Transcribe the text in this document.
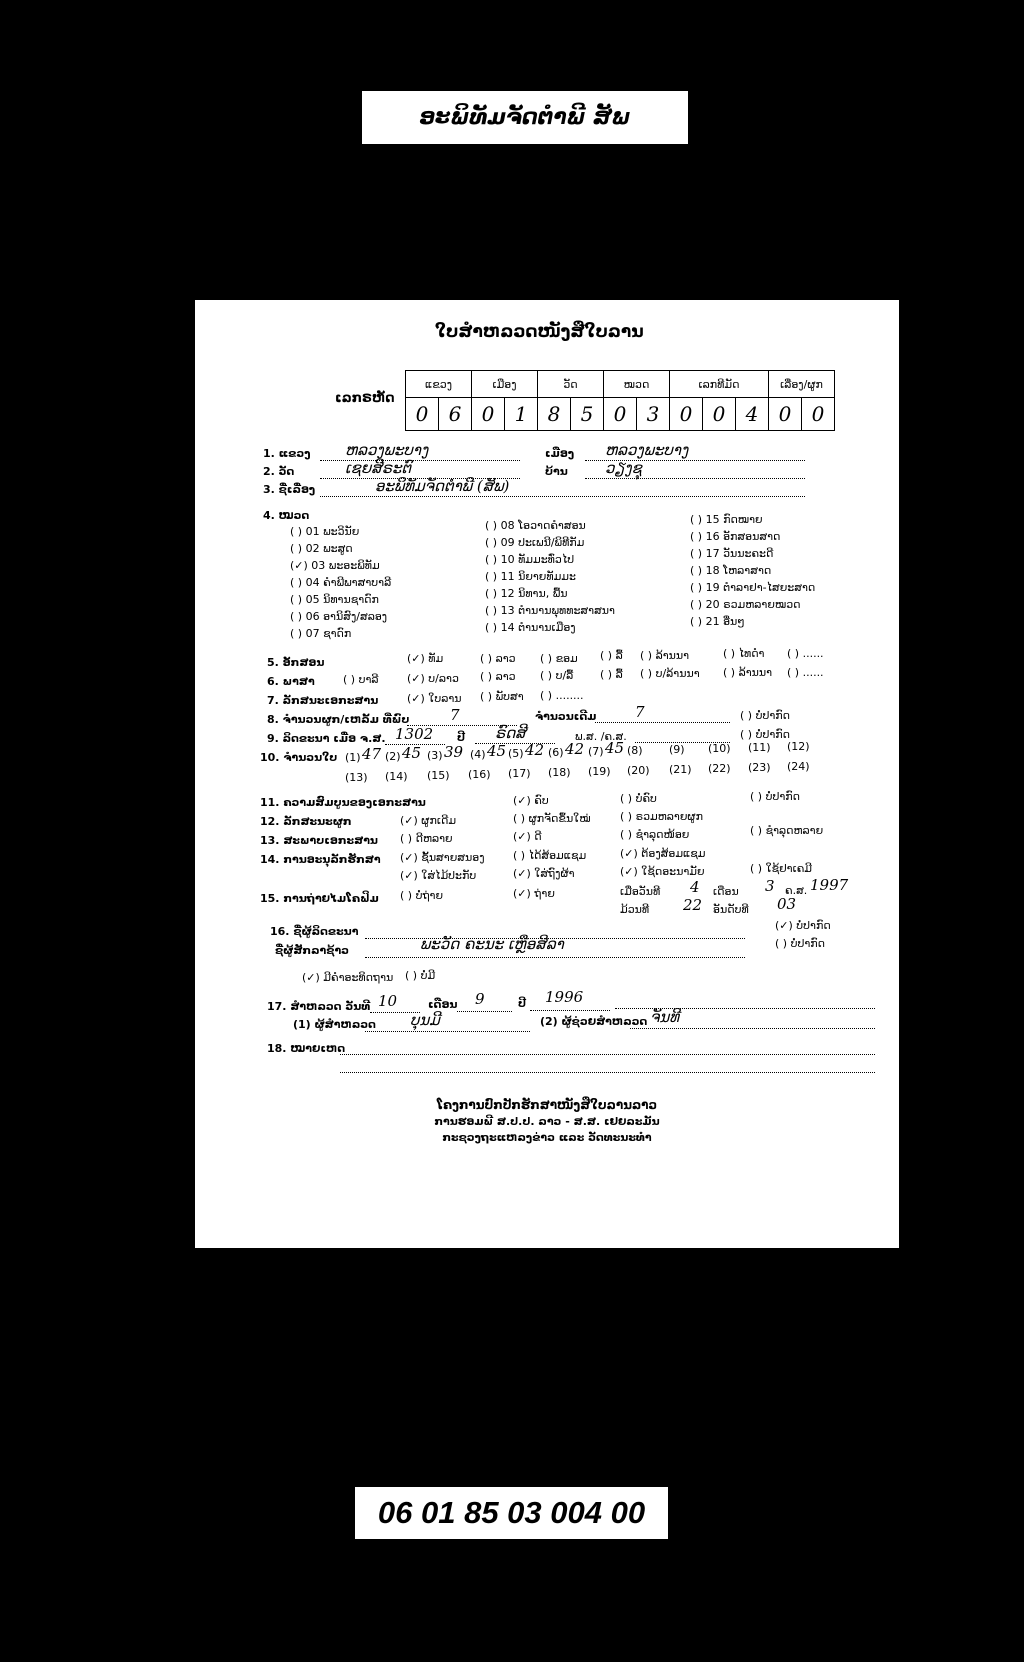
ອະພິທັມຈັດຕໍາພີ ສັພ
ໃບສໍາຫລວດໜັງສືໃບລານ
ເລກຣຫັດ
ແຂວງ		ເມືອງ		ວັດ		ໝວດ		ເລກທີມັດ			ເລື່ອງ/ຜູກ	
0	6	0	1	8	5	0	3	0	0	4	0	0
1. ແຂວງ ຫລວງພະບາງ	ເມືອງ ຫລວງພະບາງ
2. ວັດ	ເຊຍສີຣະຕົ	ບ້ານ ວຽງຊຸ
3. ຊື່ເລື່ອງ	ອະພິທັມຈັດຕໍາພີ (ສັພ)
4. ໝວດ
( ) 01 ພະວິນັຍ
( ) 02 ພະສູດ
(✓) 03 ພະອະພິທັມ
( ) 04 ຄໍາພີພາສາບາລີ
( ) 05 ນິທານຊາດົກ
( ) 06 ອານິສົງ/ສລອງ
( ) 07 ຊາດົກ
( ) 08 ໂອວາດຄໍາສອນ
( ) 09 ປະເພນີ/ພິທີກັມ
( ) 10 ທັມມະທົ່ວໄປ
( ) 11 ນິຍາຍທັມມະ
( ) 12 ນິທານ, ພື້ນ
( ) 13 ຕໍານານພຸທທະສາສນາ
( ) 14 ຕໍານານເມືອງ
( ) 15 ກົດໝາຍ
( ) 16 ອັກສອນສາດ
( ) 17 ວັນນະຄະດີ
( ) 18 ໂຫລາສາດ
( ) 19 ຕໍາລາຢາ-ໄສຍະສາດ
( ) 20 ຣວມຫລາຍໝວດ
( ) 21 ອື່ນໆ
5. ອັກສອນ	(✓) ທັມ	( ) ລາວ ( ) ຂອມ ( ) ລື້ ( ) ລ້ານນາ	( ) ໄທດໍາ ( ) ......
6. ພາສາ	( ) ບາລີ	(✓) ບ/ລາວ ( ) ລາວ ( ) ບ/ລື້ ( ) ລື້ ( ) ບ/ລ້ານນາ ( ) ລ້ານນາ ( ) ......
7. ລັກສນະເອກະສານ	(✓) ໃບລານ ( ) ພັບສາ ( ) ........
8. ຈໍານວນຜູກ/ເຫລັ້ມ ທີ່ພົບ	7	ຈໍານວນເດີມ	7	( ) ບໍ່ປາກົດ
9. ລິດຂະນາ ເມື່ອ ຈ.ສ. 1302 ປີ ຣົດສີ	ພ.ສ. /ຄ.ສ.	( ) ບໍ່ປາກົດ
10. ຈໍານວນໃບ (1) 47 (2) 45 (3) 39 (4) 45 (5) 42 (6) 42 (7) 45 (8) (9) (10) (11) (12)
(13) (14) (15) (16) (17) (18) (19) (20) (21) (22) (23) (24)
11. ຄວາມສົມບູນຂອງເອກະສານ	(✓) ຄົບ	( ) ບໍ່ຄົບ	( ) ບໍ່ປາກົດ
12. ລັກສະນະຜູກ	(✓) ຜູກເດີມ	( ) ຜູກຈັດຂຶ້ນໃໝ່	( ) ຣວມຫລາຍຜູກ
( ) ຊໍາລຸດຫລາຍ
13. ສະພາບເອກະສານ ( ) ດີຫລາຍ	(✓) ດີ	( ) ຊໍາລຸດໜ້ອຍ
14. ການອະນຸລັກຮັກສາ (✓) ຊັ້ນສາຍສນອງ	( ) ໄດ້ສ້ອມແຊມ	(✓) ຕ້ອງສ້ອມແຊມ
(✓) ໃສ່ໄມ້ປະກັບ	(✓) ໃສ່ຖົງຜ້າ	(✓) ໃຊ້ດອະນາມັຍ	( ) ໃຊ້ຢາເຄມີ
15. ການຖ່າຍໄມໂຄຟິມ ( ) ບໍ່ຖ່າຍ	(✓) ຖ່າຍ	ເມື່ອວັນທີ 4 ເດືອນ 3 ຄ.ສ. 1997
ມ້ວນທີ 22 ອັນດັບທີ 03
16. ຊື່ຜູ້ລິດຂະນາ	(✓) ບໍ່ປາກົດ
ຊື່ຜູ້ສັກລາຊ້າວ	ພະວັດ ຄະນະ ເຫຼືອສີລາ	( ) ບໍ່ປາກົດ
(✓) ມີຄໍາອະທິດຖານ ( ) ບໍ່ມີ
17. ສໍາຫລວດ ວັນທີ 10	ເດືອນ 9	ປີ 1996
(1) ຜູ້ສໍາຫລວດ ບຸນມີ	(2) ຜູ້ຊ່ວຍສໍາຫລວດ ຈັນທີ
18. ໝາຍເຫດ
ໂຄງການປົກປັກຮັກສາໜັງສືໃບລານລາວ
ການຮອມພີ ສ.ປ.ປ. ລາວ - ສ.ສ. ເຢຍລະມັນ
ກະຊວງຖະແຫລງຂ່າວ ແລະ ວັດທະນະທໍາ
06 01 85 03 004 00
